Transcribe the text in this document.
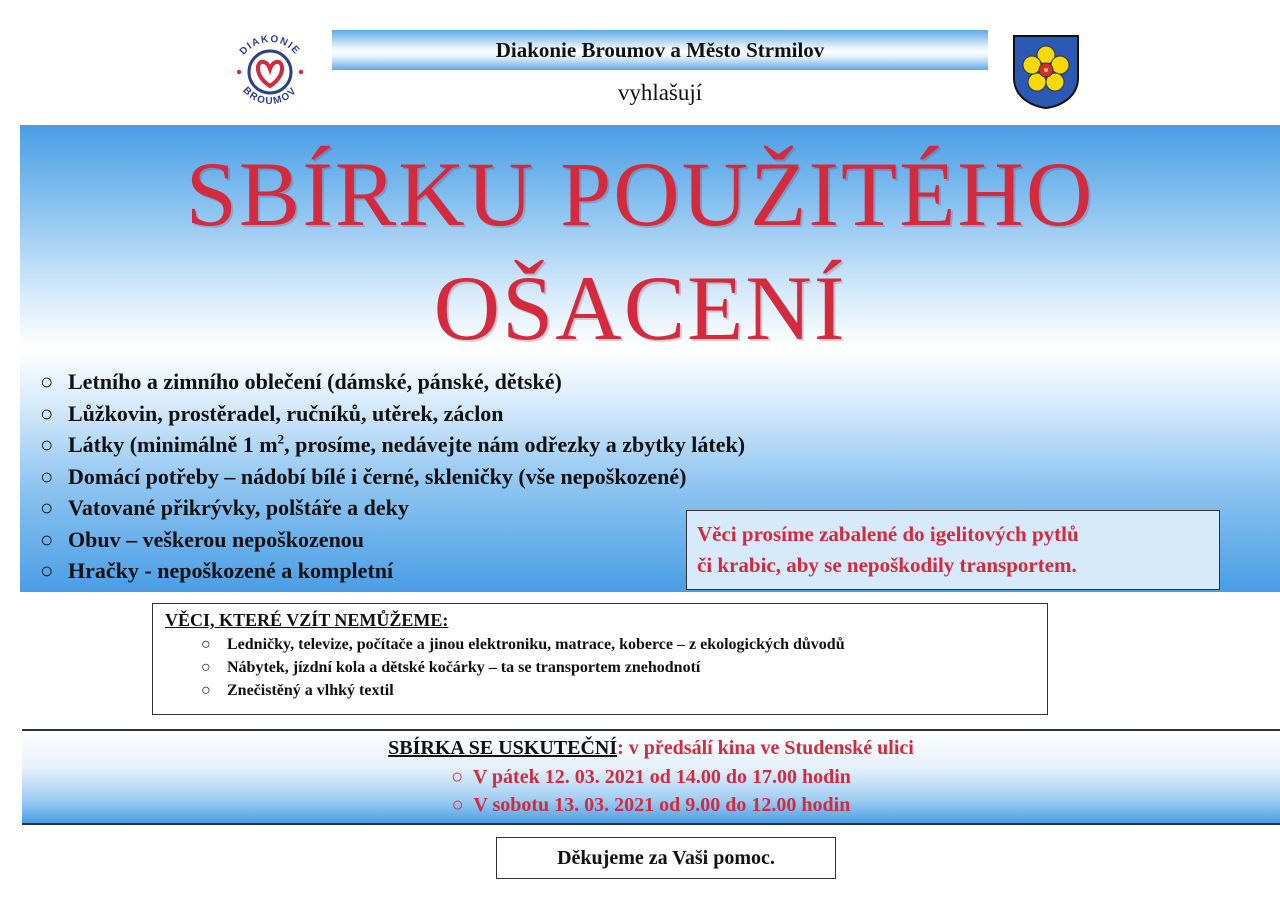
DIAKONIE
BROUMOV
Diakonie Broumov a Město Strmilov
vyhlašují
SBÍRKU POUŽITÉHO
OŠACENÍ
○ Letního a zimního oblečení (dámské, pánské, dětské)
○ Lůžkovin, prostěradel, ručníků, utěrek, záclon
○ Látky (minimálně 1 $m^2$, prosíme, nedávejte nám odřezky a zbytky látek)
○ Domácí potřeby – nádobí bílé i černé, skleničky (vše nepoškozené)
○ Vatované přikrývky, polštáře a deky
○ Obuv – veškerou nepoškozenou
○ Hračky - nepoškozené a kompletní
Věci prosíme zabalené do igelitových pytlů
či krabic, aby se nepoškodily transportem.
VĚCI, KTERÉ VZÍT NEMŮŽEME:
○ Ledničky, televize, počítače a jinou elektroniku, matrace, koberce – z ekologických důvodů
○ Nábytek, jízdní kola a dětské kočárky – ta se transportem znehodnotí
○ Znečistěný a vlhký textil
SBÍRKA SE USKUTEČNÍ: v předsálí kina ve Studenské ulici
○ V pátek 12. 03. 2021 od 14.00 do 17.00 hodin
○ V sobotu 13. 03. 2021 od 9.00 do 12.00 hodin
Děkujeme za Vaši pomoc.
